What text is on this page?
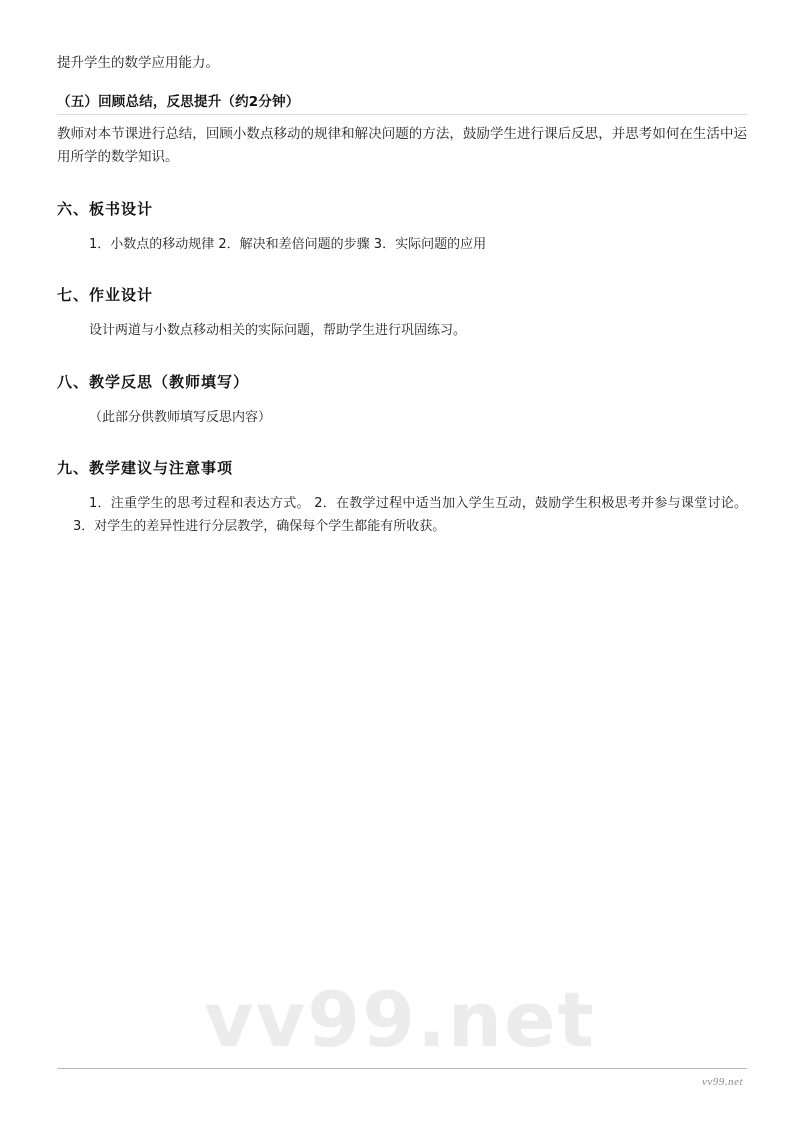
提升学生的数学应用能力。

（五）回顾总结，反思提升（约2分钟）

教师对本节课进行总结，回顾小数点移动的规律和解决问题的方法，鼓励学生进行课后反思，并思考如何在生活中运用所学的数学知识。

六、板书设计

1．小数点的移动规律 2．解决和差倍问题的步骤 3．实际问题的应用

七、作业设计

设计两道与小数点移动相关的实际问题，帮助学生进行巩固练习。

八、教学反思（教师填写）

（此部分供教师填写反思内容）

九、教学建议与注意事项

1．注重学生的思考过程和表达方式。 2．在教学过程中适当加入学生互动，鼓励学生积极思考并参与课堂讨论。 3．对学生的差异性进行分层教学，确保每个学生都能有所收获。

vv99.net
vv99.net
